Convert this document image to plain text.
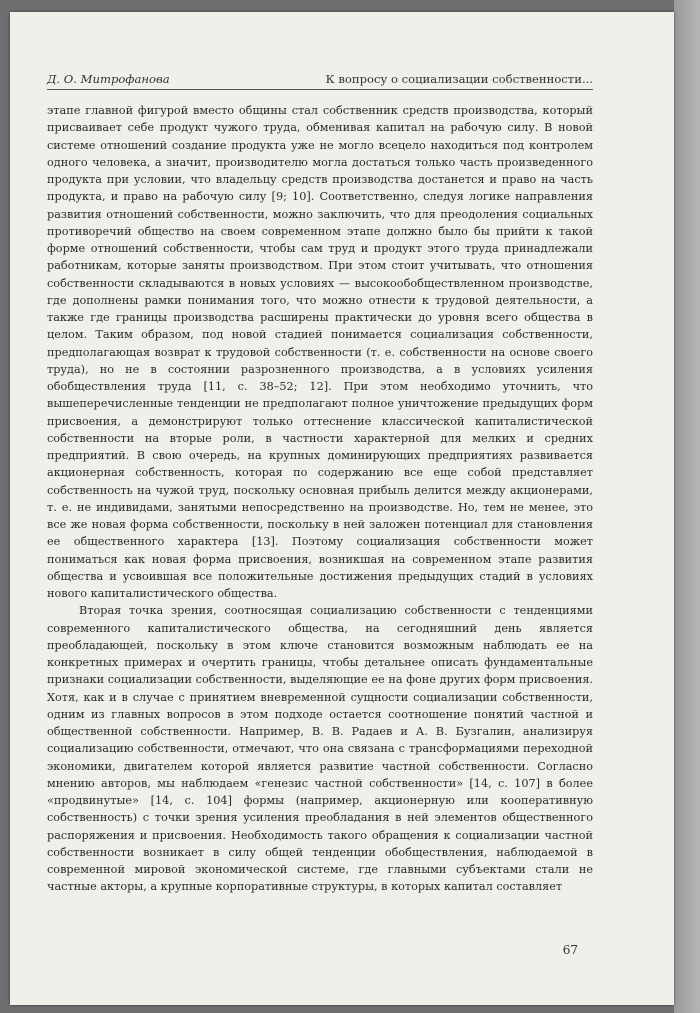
Д. О. Митрофанова	К вопросу о социализации собственности...

этапе главной фигурой вместо общины стал собственник средств производства, который присваивает себе продукт чужого труда, обменивая капитал на рабочую силу. В новой системе отношений создание продукта уже не могло всецело находиться под контролем одного человека, а значит, производителю могла достаться только часть произведенного продукта при условии, что владельцу средств производства достанется и право на часть продукта, и право на рабочую силу [9; 10]. Соответственно, следуя логике направления развития отношений собственности, можно заключить, что для преодоления социальных противоречий общество на своем современном этапе должно было бы прийти к такой форме отношений собственности, чтобы сам труд и продукт этого труда принадлежали работникам, которые заняты производством. При этом стоит учитывать, что отношения собственности складываются в новых условиях — высокообобществленном производстве, где дополнены рамки понимания того, что можно отнести к трудовой деятельности, а также где границы производства расширены практически до уровня всего общества в целом. Таким образом, под новой стадией понимается социализация собственности, предполагающая возврат к трудовой собственности (т. е. собственности на основе своего труда), но не в состоянии разрозненного производства, а в условиях усиления обобществления труда [11, с. 38–52; 12]. При этом необходимо уточнить, что вышеперечисленные тенденции не предполагают полное уничтожение предыдущих форм присвоения, а демонстрируют только оттеснение классической капиталистической собственности на вторые роли, в частности характерной для мелких и средних предприятий. В свою очередь, на крупных доминирующих предприятиях развивается акционерная собственность, которая по содержанию все еще собой представляет собственность на чужой труд, поскольку основная прибыль делится между акционерами, т. е. не индивидами, занятыми непосредственно на производстве. Но, тем не менее, это все же новая форма собственности, поскольку в ней заложен потенциал для становления ее общественного характера [13]. Поэтому социализация собственности может пониматься как новая форма присвоения, возникшая на современном этапе развития общества и усвоившая все положительные достижения предыдущих стадий в условиях нового капиталистического общества.

Вторая точка зрения, соотносящая социализацию собственности с тенденциями современного капиталистического общества, на сегодняшний день является преобладающей, поскольку в этом ключе становится возможным наблюдать ее на конкретных примерах и очертить границы, чтобы детальнее описать фундаментальные признаки социализации собственности, выделяющие ее на фоне других форм присвоения. Хотя, как и в случае с принятием вневременной сущности социализации собственности, одним из главных вопросов в этом подходе остается соотношение понятий частной и общественной собственности. Например, В. В. Радаев и А. В. Бузгалин, анализируя социализацию собственности, отмечают, что она связана с трансформациями переходной экономики, двигателем которой является развитие частной собственности. Согласно мнению авторов, мы наблюдаем «генезис частной собственности» [14, с. 107] в более «продвинутые» [14, с. 104] формы (например, акционерную или кооперативную собственность) с точки зрения усиления преобладания в ней элементов общественного распоряжения и присвоения. Необходимость такого обращения к социализации частной собственности возникает в силу общей тенденции обобществления, наблюдаемой в современной мировой экономической системе, где главными субъектами стали не частные акторы, а крупные корпоративные структуры, в которых капитал составляет

67
